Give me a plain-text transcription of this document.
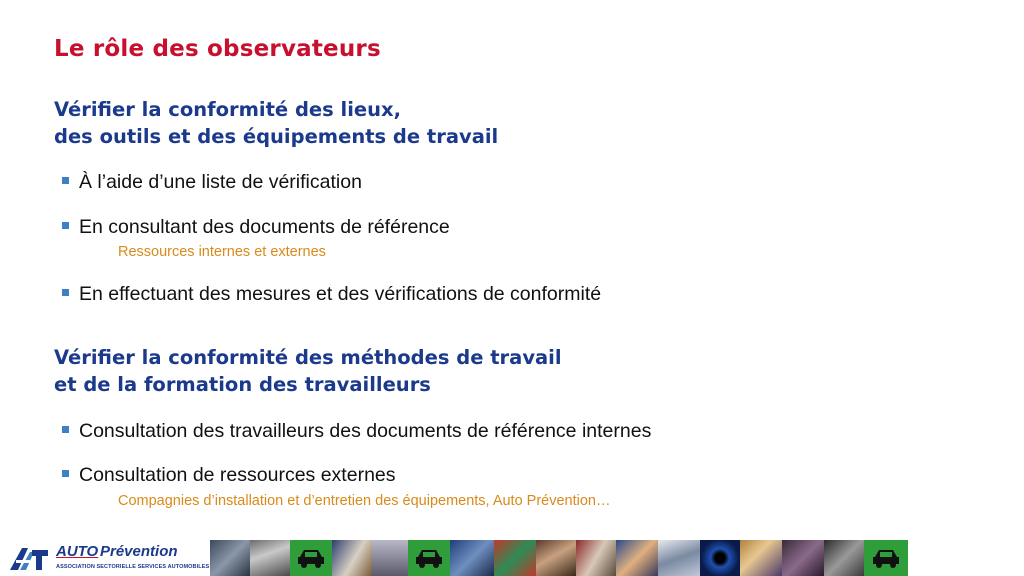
Le rôle des observateurs
Vérifier la conformité des lieux,
des outils et des équipements de travail
À l’aide d’une liste de vérification
En consultant des documents de référence
Ressources internes et externes
En effectuant des mesures et des vérifications de conformité
Vérifier la conformité des méthodes de travail
et de la formation des travailleurs
Consultation des travailleurs des documents de référence internes
Consultation de ressources externes
Compagnies d’installation et d’entretien des équipements, Auto Prévention…
AUTO Prévention
ASSOCIATION SECTORIELLE SERVICES AUTOMOBILES
